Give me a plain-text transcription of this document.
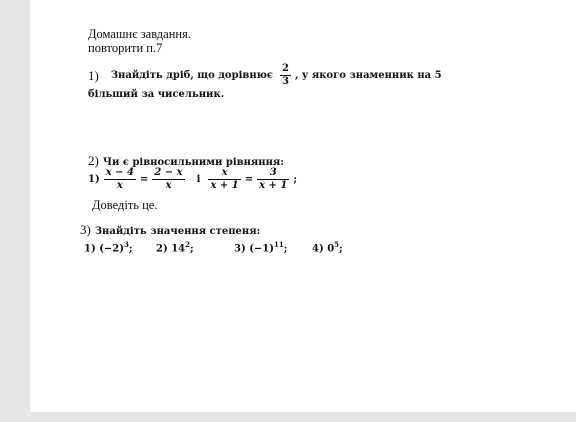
Домашнє завдання.
повторити п.7
1) Знайдіть дріб, що дорівнює $\frac{2}{3}$ , у якого знаменник на 5
більший за чисельник.
2) Чи є рівносильними рівняння:
$1) \frac{x - 4}{x} = \frac{2 - x}{x}$ і $\frac{x}{x + 1} = \frac{3}{x + 1}$ ;
Доведіть це.
3) Знайдіть значення степеня:
1) $(-2)^3$; 2) $14^2$;	3) $(-1)^{11}$; 4) $0^5$;
